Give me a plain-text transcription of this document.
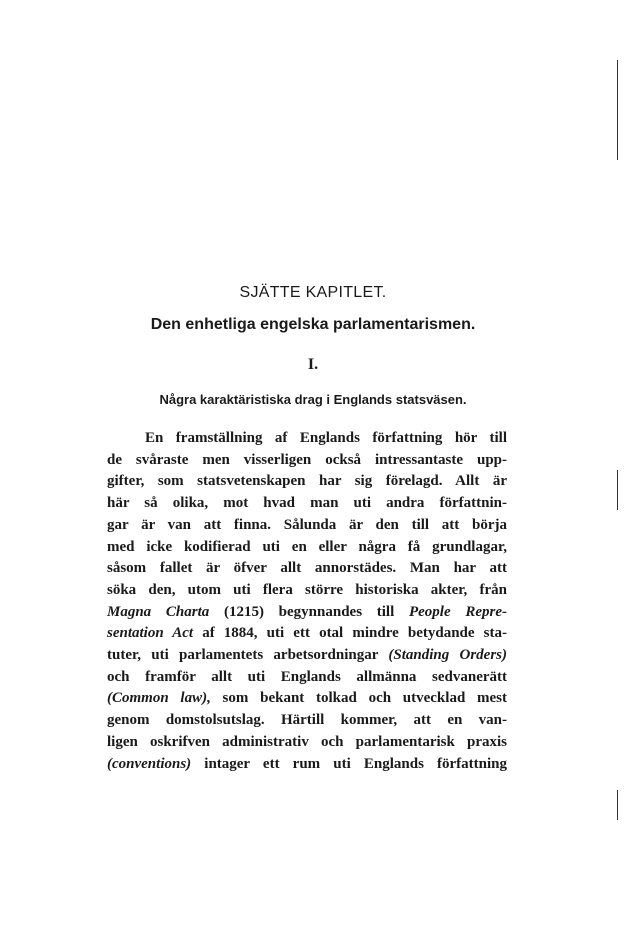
SJÄTTE KAPITLET.
Den enhetliga engelska parlamentarismen.
I.
Några karaktäristiska drag i Englands statsväsen.
En framställning af Englands författning hör till
de svåraste men visserligen också intressantaste upp-
gifter, som statsvetenskapen har sig förelagd. Allt är
här så olika, mot hvad man uti andra författnin-
gar är van att finna. Sålunda är den till att börja
med icke kodifierad uti en eller några få grundlagar,
såsom fallet är öfver allt annorstädes. Man har att
söka den, utom uti flera större historiska akter, från
Magna Charta (1215) begynnandes till People Repre-
sentation Act af 1884, uti ett otal mindre betydande sta-
tuter, uti parlamentets arbetsordningar (Standing Orders)
och framför allt uti Englands allmänna sedvanerätt
(Common law), som bekant tolkad och utvecklad mest
genom domstolsutslag. Härtill kommer, att en van-
ligen oskrifven administrativ och parlamentarisk praxis
(conventions) intager ett rum uti Englands författning
